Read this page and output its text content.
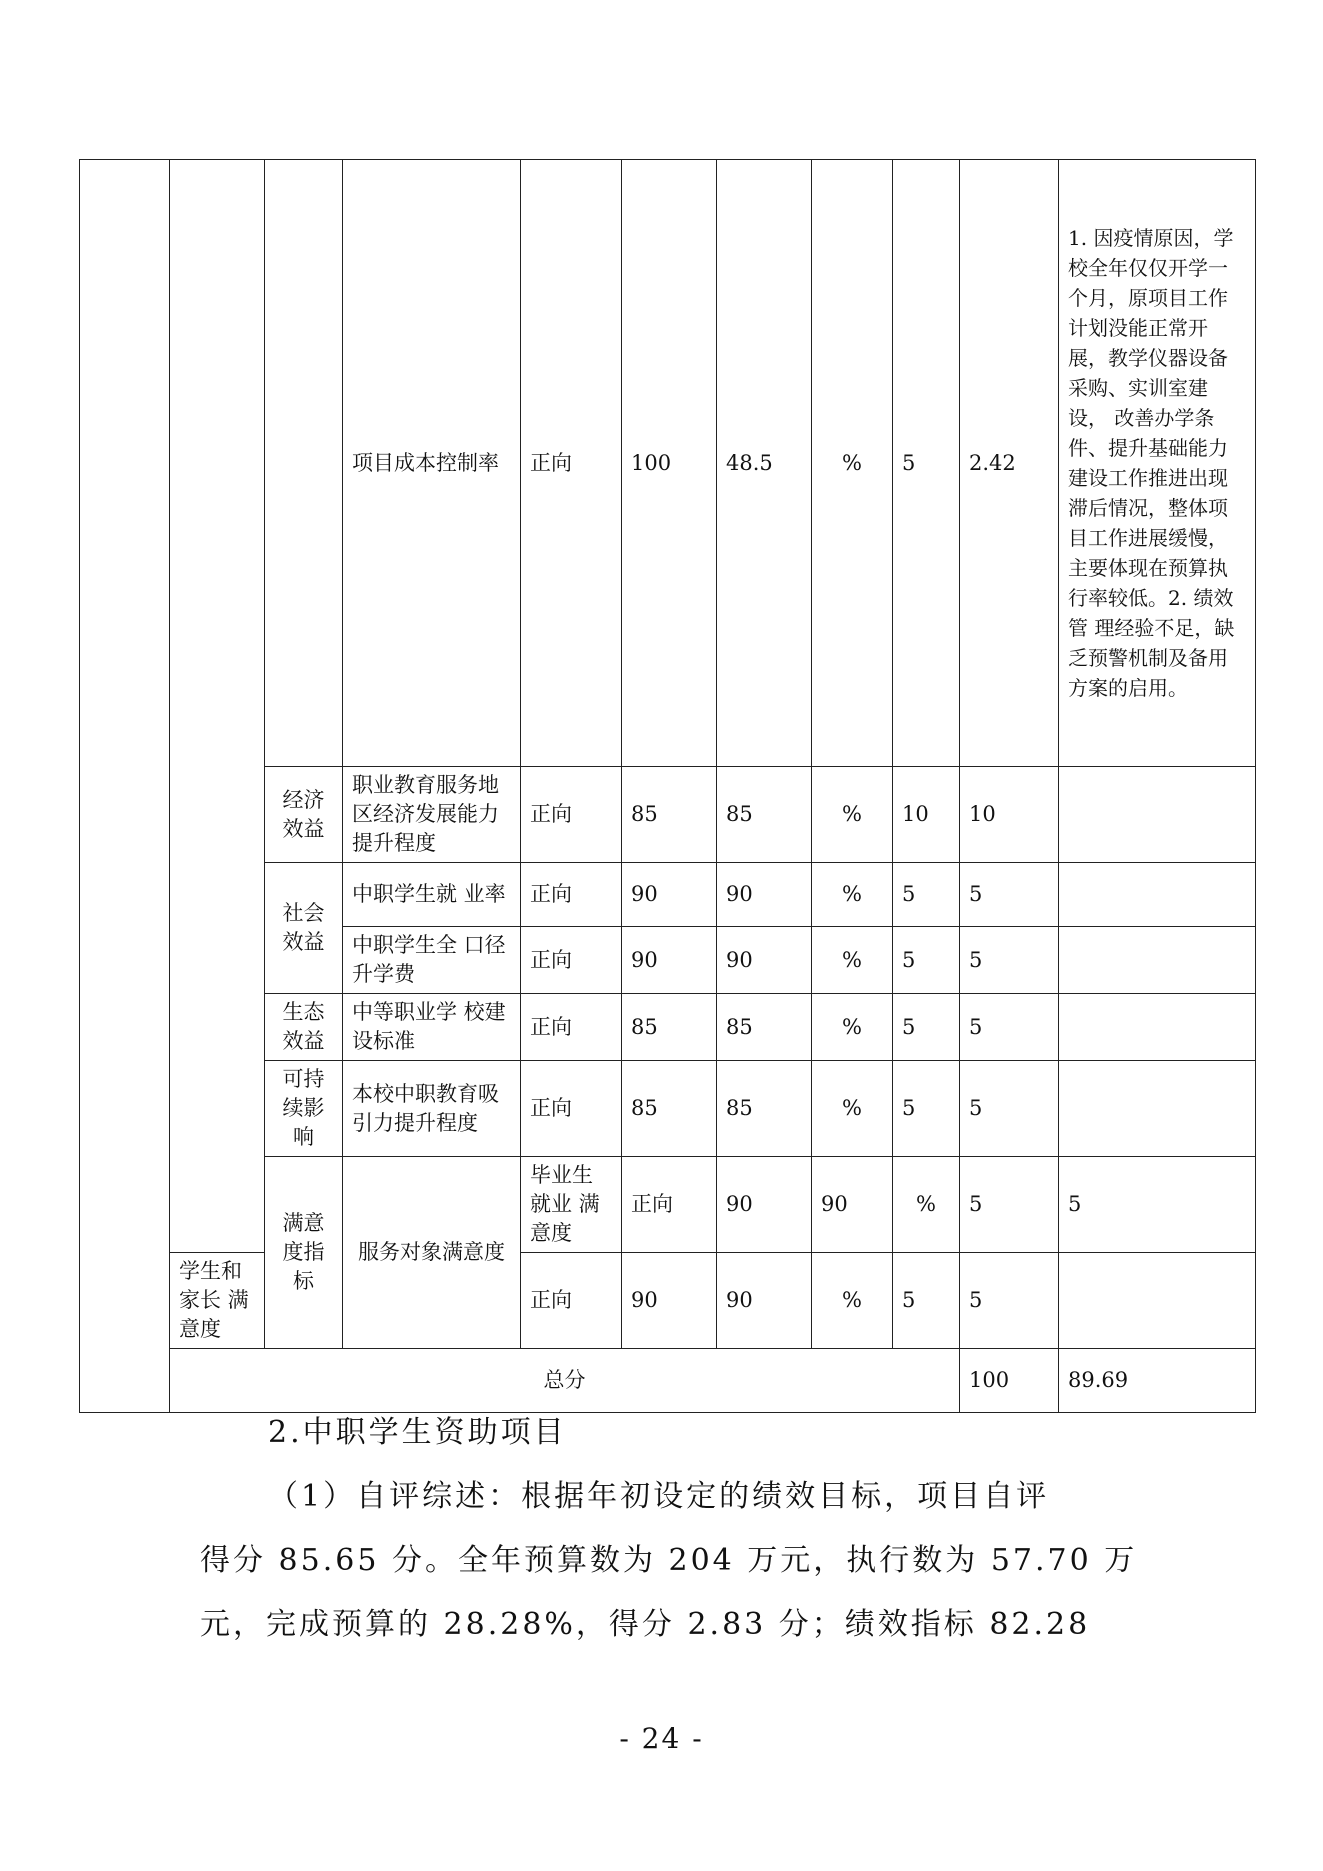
			项目成本控制率	正向	100	48.5	%	5	2.42	1. 因疫情原因，学校全年仅仅开学一个月，原项目工作计划没能正常开展，教学仪器设备采购、实训室建设， 改善办学条件、提升基础能力建设工作推进出现滞后情况，整体项目工作进展缓慢，主要体现在预算执行率较低。2. 绩效管 理经验不足，缺乏预警机制及备用方案的启用。	
		经济效益	职业教育服务地区经济发展能力提升程度	正向	85	85	%	10	10		
		社会效益	中职学生就 业率	正向	90	90	%	5	5		
			中职学生全 口径升学费	正向	90	90	%	5	5		
		生态效益	中等职业学 校建设标准	正向	85	85	%	5	5		
		可持续影响	本校中职教育吸引力提升程度	正向	85	85	%	5	5		
		满意度指标	服务对象满意度	毕业生就业 满意度	正向	90	90	%	5	5	
	学生和家长 满意度			正向	90	90	%	5	5		
	总分								100	89.69	
2.中职学生资助项目
（1）自评综述：根据年初设定的绩效目标，项目自评
得分 85.65 分。全年预算数为 204 万元，执行数为 57.70 万
元，完成预算的 28.28%，得分 2.83 分；绩效指标 82.28
- 24 -
